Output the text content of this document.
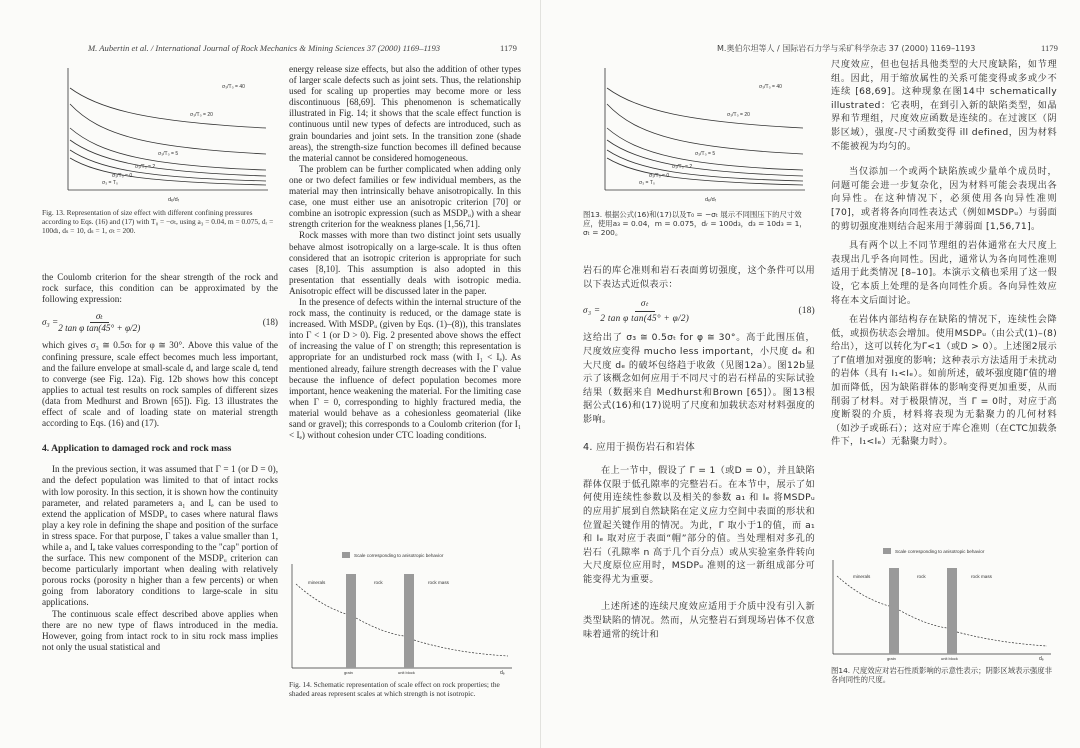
M. Aubertin et al. / International Journal of Rock Mechanics & Mining Sciences 37 (2000) 1169–1193	1179
σ₃/T₀ = 40
σ₃/T₀ = 20
σ₃/T₀ = 5
σ₃/T₀ = 2
σ₃/T₀ = 0
σ₃ = T₀
dₑ/dᵣ
Fig. 13. Representation of size effect with different confining pressures according to Eqs. (16) and (17) with T₀ = −σₜ, using a₃ = 0.04, m = 0.075, dᵣ = 100dₗ, dₛ = 10, dₛ = 1, σₜ = 200.

the Coulomb criterion for the shear strength of the rock and rock surface, this condition can be approximated by the following expression:

$\sigma_3 = \frac{\text{σₜ}}{\text{2 tan φ tan(45° + φ/2)}}$	(18)

which gives σ₃ ≅ 0.5σₜ for φ ≅ 30°. Above this value of the confining pressure, scale effect becomes much less important, and the failure envelope at small-scale dₑ and large scale dₑ tend to converge (see Fig. 12a). Fig. 12b shows how this concept applies to actual test results on rock samples of different sizes (data from Medhurst and Brown [65]). Fig. 13 illustrates the effect of scale and of loading state on material strength according to Eqs. (16) and (17).

4. Application to damaged rock and rock mass

In the previous section, it was assumed that Γ = 1 (or D = 0), and the defect population was limited to that of intact rocks with low porosity. In this section, it is shown how the continuity parameter, and related parameters a₁ and Iₑ can be used to extend the application of MSDPᵤ to cases where natural flaws play a key role in defining the shape and position of the surface in stress space. For that purpose, Γ takes a value smaller than 1, while a₁ and Iₑ take values corresponding to the "cap" portion of the surface. This new component of the MSDPᵤ criterion can become particularly important when dealing with relatively porous rocks (porosity n higher than a few percents) or when going from laboratory conditions to large-scale in situ applications.

The continuous scale effect described above applies when there are no new type of flaws introduced in the media. However, going from intact rock to in situ rock mass implies not only the usual statistical and

energy release size effects, but also the addition of other types of larger scale defects such as joint sets. Thus, the relationship used for scaling up properties may become more or less discontinuous [68,69]. This phenomenon is schematically illustrated in Fig. 14; it shows that the scale effect function is continuous until new types of defects are introduced, such as grain boundaries and joint sets. In the transition zone (shade areas), the strength-size function becomes ill defined because the material cannot be considered homogeneous.

The problem can be further complicated when adding only one or two defect families or few individual members, as the material may then intrinsically behave anisotropically. In this case, one must either use an anisotropic criterion [70] or combine an isotropic expression (such as MSDPᵤ) with a shear strength criterion for the weakness planes [1,56,71].

Rock masses with more than two distinct joint sets usually behave almost isotropically on a large-scale. It is thus often considered that an isotropic criterion is appropriate for such cases [8,10]. This assumption is also adopted in this presentation that essentially deals with isotropic media. Anisotropic effect will be discussed later in the paper.

In the presence of defects within the internal structure of the rock mass, the continuity is reduced, or the damage state is increased. With MSDPᵤ (given by Eqs. (1)–(8)), this translates into Γ < 1 (or D > 0). Fig. 2 presented above shows the effect of increasing the value of Γ on strength; this representation is appropriate for an undisturbed rock mass (with I₁ < Iₑ). As mentioned already, failure strength decreases with the Γ value because the influence of defect population becomes more important, hence weakening the material. For the limiting case when Γ = 0, corresponding to highly fractured media, the material would behave as a cohesionless geomaterial (like sand or gravel); this corresponds to a Coulomb criterion (for I₁ < Iₑ) without cohesion under CTC loading conditions.

Scale corresponding to anisotropic behavior
minerals	rock	rock mass
grain	unit block	dₑ
Fig. 14. Schematic representation of scale effect on rock properties; the shaded areas represent scales at which strength is not isotropic.
M.奥伯尔坦等人 / 国际岩石力学与采矿科学杂志 37 (2000) 1169–1193	1179
σ₃/T₀ = 40
σ₃/T₀ = 20
σ₃/T₀ = 5
σ₃/T₀ = 2
σ₃/T₀ = 0
σ₃ = T₀
dₑ/dᵣ
图13. 根据公式(16)和(17)以及T₀ = −σₜ 展示不同围压下的尺寸效应，使用a₃ = 0.04，m = 0.075，dᵣ = 100d₃，d₃ = 10d₃ = 1，σₜ = 200。

岩石的库仑准则和岩石表面剪切强度，这个条件可以用以下表达式近似表示：

$\sigma_3 = \frac{\text{σₜ}}{\text{2 tan φ tan(45° + φ/2)}}$	(18)

这给出了 σ₃ ≅ 0.5σₜ for φ ≅ 30°。高于此围压值，尺度效应变得 mucho less important，小尺度 dₑ 和大尺度 dₑ 的破坏包络趋于收敛（见图12a）。图12b显示了该概念如何应用于不同尺寸的岩石样品的实际试验结果（数据来自 Medhurst和Brown [65]）。图13根据公式(16)和(17)说明了尺度和加载状态对材料强度的影响。

4. 应用于损伤岩石和岩体

在上一节中，假设了 Γ = 1（或D = 0），并且缺陷群体仅限于低孔隙率的完整岩石。在本节中，展示了如何使用连续性参数以及相关的参数 a₁ 和 Iₑ 将MSDPᵤ 的应用扩展到自然缺陷在定义应力空间中表面的形状和位置起关键作用的情况。为此，Γ 取小于1的值，而 a₁和 Iₑ 取对应于表面“帽”部分的值。当处理相对多孔的岩石（孔隙率 n 高于几个百分点）或从实验室条件转向大尺度原位应用时，MSDPᵤ 准则的这一新组成部分可能变得尤为重要。

上述所述的连续尺度效应适用于介质中没有引入新类型缺陷的情况。然而，从完整岩石到现场岩体不仅意味着通常的统计和

尺度效应，但也包括具他类型的大尺度缺陷，如节理组。因此，用于缩放属性的关系可能变得或多或少不连续 [68,69]。这种现象在图14中 schematically illustrated：它表明，在到引入新的缺陷类型，如晶界和节理组，尺度效应函数是连续的。在过渡区（阴影区域），强度-尺寸函数变得 ill defined，因为材料不能被视为均匀的。

当仅添加一个或两个缺陷族或少量单个成员时，问题可能会进一步复杂化，因为材料可能会表现出各向异性。在这种情况下，必须使用各向异性准则 [70]，或者将各向同性表达式（例如MSDPᵤ）与弱面的剪切强度准则结合起来用于薄弱面 [1,56,71]。

具有两个以上不同节理组的岩体通常在大尺度上表现出几乎各向同性。因此，通常认为各向同性准则适用于此类情况 [8–10]。本演示文稿也采用了这一假设，它本质上处理的是各向同性介质。各向异性效应将在本文后面讨论。

在岩体内部结构存在缺陷的情况下，连续性会降低，或损伤状态会增加。使用MSDPᵤ（由公式(1)–(8)给出），这可以转化为Γ<1（或D > 0）。上述图2展示了Γ值增加对强度的影响；这种表示方法适用于未扰动的岩体（具有 I₁<Iₑ）。如前所述，破坏强度随Γ值的增加而降低，因为缺陷群体的影响变得更加重要，从而削弱了材料。对于极限情况，当 Γ = 0时，对应于高度断裂的介质，材料将表现为无黏聚力的几何材料（如沙子或砾石）；这对应于库仑准则（在CTC加载条件下，I₁<Iₑ）无黏聚力时）。

Scale corresponding to anisotropic behavior
minerals	rock	rock mass
grain	unit block	dₑ
图14. 尺度效应对岩石性质影响的示意性表示；阴影区域表示强度非各向同性的尺度。
